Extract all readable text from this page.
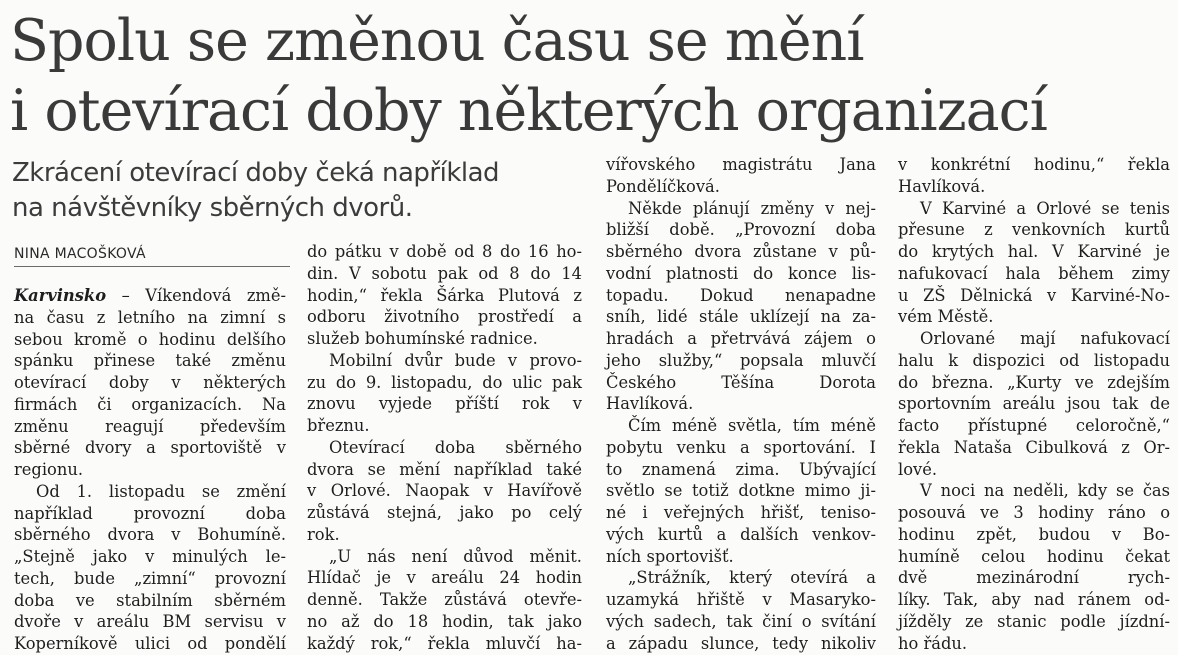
Spolu se změnou času se mění
i otevírací doby některých organizací
Zkrácení otevírací doby čeká například
na návštěvníky sběrných dvorů.
NINA MACOŠKOVÁ
Karvinsko – Víkendová změ-
na času z letního na zimní s
sebou kromě o hodinu delšího
spánku přinese také změnu
otevírací doby v některých
firmách či organizacích. Na
změnu reagují především
sběrné dvory a sportoviště v
regionu.
Od 1. listopadu se změní
například provozní doba
sběrného dvora v Bohumíně.
„Stejně jako v minulých le-
tech, bude „zimní“ provozní
doba ve stabilním sběrném
dvoře v areálu BM servisu v
Koperníkově ulici od pondělí
do pátku v době od 8 do 16 ho-
din. V sobotu pak od 8 do 14
hodin,“ řekla Šárka Plutová z
odboru životního prostředí a
služeb bohumínské radnice.
Mobilní dvůr bude v provo-
zu do 9. listopadu, do ulic pak
znovu vyjede příští rok v
březnu.
Otevírací doba sběrného
dvora se mění například také
v Orlové. Naopak v Havířově
zůstává stejná, jako po celý
rok.
„U nás není důvod měnit.
Hlídač je v areálu 24 hodin
denně. Takže zůstává otevře-
no až do 18 hodin, tak jako
každý rok,“ řekla mluvčí ha-
vířovského magistrátu Jana
Pondělíčková.
Někde plánují změny v nej-
bližší době. „Provozní doba
sběrného dvora zůstane v pů-
vodní platnosti do konce lis-
topadu. Dokud nenapadne
sníh, lidé stále uklízejí na za-
hradách a přetrvává zájem o
jeho služby,“ popsala mluvčí
Českého Těšína Dorota
Havlíková.
Čím méně světla, tím méně
pobytu venku a sportování. I
to znamená zima. Ubývající
světlo se totiž dotkne mimo ji-
né i veřejných hřišť, teniso-
vých kurtů a dalších venkov-
ních sportovišť.
„Strážník, který otevírá a
uzamyká hřiště v Masaryko-
vých sadech, tak činí o svítání
a západu slunce, tedy nikoliv
v konkrétní hodinu,“ řekla
Havlíková.
V Karviné a Orlové se tenis
přesune z venkovních kurtů
do krytých hal. V Karviné je
nafukovací hala během zimy
u ZŠ Dělnická v Karviné-No-
vém Městě.
Orlované mají nafukovací
halu k dispozici od listopadu
do března. „Kurty ve zdejším
sportovním areálu jsou tak de
facto přístupné celoročně,“
řekla Nataša Cibulková z Or-
lové.
V noci na neděli, kdy se čas
posouvá ve 3 hodiny ráno o
hodinu zpět, budou v Bo-
humíně celou hodinu čekat
dvě mezinárodní rych-
líky. Tak, aby nad ránem od-
jížděly ze stanic podle jízdní-
ho řádu.
